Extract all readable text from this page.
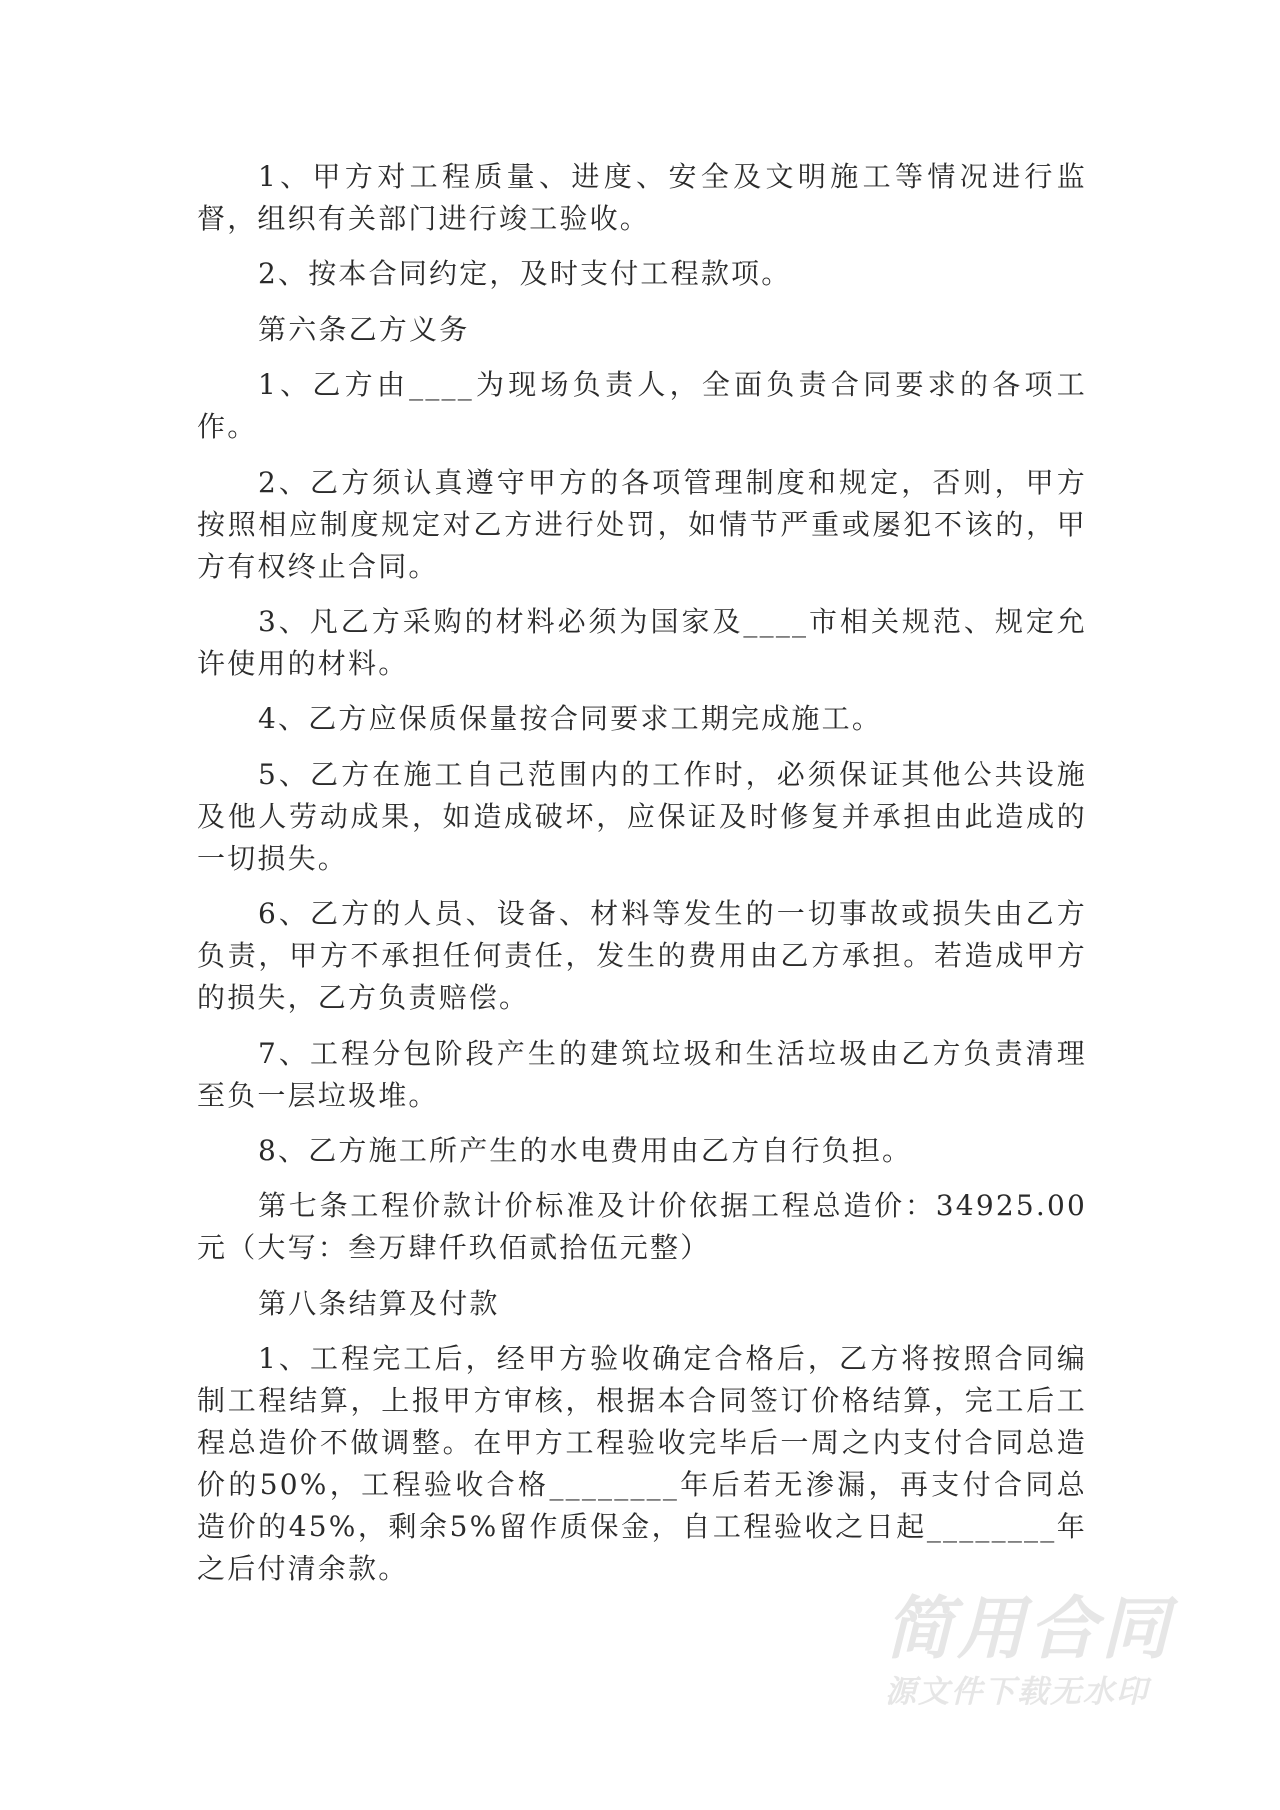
1、甲方对工程质量、进度、安全及文明施工等情况进行监督，组织有关部门进行竣工验收。

2、按本合同约定，及时支付工程款项。

第六条乙方义务

1、乙方由____为现场负责人，全面负责合同要求的各项工作。

2、乙方须认真遵守甲方的各项管理制度和规定，否则，甲方按照相应制度规定对乙方进行处罚，如情节严重或屡犯不该的，甲方有权终止合同。

3、凡乙方采购的材料必须为国家及____市相关规范、规定允许使用的材料。

4、乙方应保质保量按合同要求工期完成施工。

5、乙方在施工自己范围内的工作时，必须保证其他公共设施及他人劳动成果，如造成破坏，应保证及时修复并承担由此造成的一切损失。

6、乙方的人员、设备、材料等发生的一切事故或损失由乙方负责，甲方不承担任何责任，发生的费用由乙方承担。若造成甲方的损失，乙方负责赔偿。

7、工程分包阶段产生的建筑垃圾和生活垃圾由乙方负责清理至负一层垃圾堆。

8、乙方施工所产生的水电费用由乙方自行负担。

第七条工程价款计价标准及计价依据工程总造价：34925.00元（大写：叁万肆仟玖佰贰拾伍元整）

第八条结算及付款

1、工程完工后，经甲方验收确定合格后，乙方将按照合同编制工程结算，上报甲方审核，根据本合同签订价格结算，完工后工程总造价不做调整。在甲方工程验收完毕后一周之内支付合同总造价的50%，工程验收合格________年后若无渗漏，再支付合同总造价的45%，剩余5%留作质保金，自工程验收之日起________年之后付清余款。

简用合同
源文件下载无水印
